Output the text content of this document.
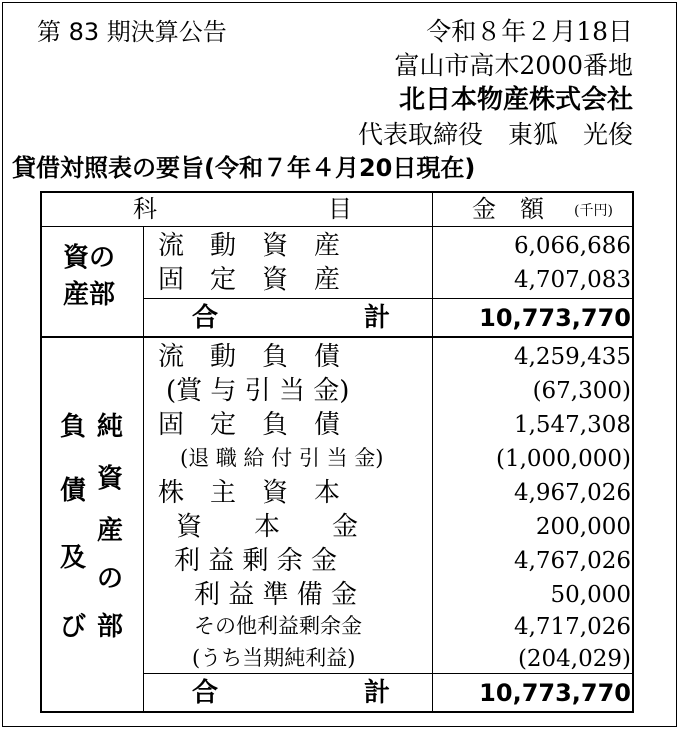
第 83 期決算公告	令和８年２月18日
富山市高木2000番地
北日本物産株式会社
代表取締役　東狐　光俊
貸借対照表の要旨(令和７年４月20日現在)
科	目	金　額 (千円)
資の
産部
流　動　資　産	6,066,686
固　定　資　産	4,707,083
合	計	10,773,770
負
債
及
び
純
資
産
の
部
流　動　負　債	4,259,435
(賞 与 引 当 金)	(67,300)
固　定　負　債	1,547,308
(退 職 給 付 引 当 金)	(1,000,000)
株　主　資　本	4,967,026
資　　本　　金	200,000
利 益 剰 余 金	4,767,026
利 益 準 備 金	50,000
その他利益剰余金	4,717,026
(うち当期純利益)	(204,029)
合	計	10,773,770
